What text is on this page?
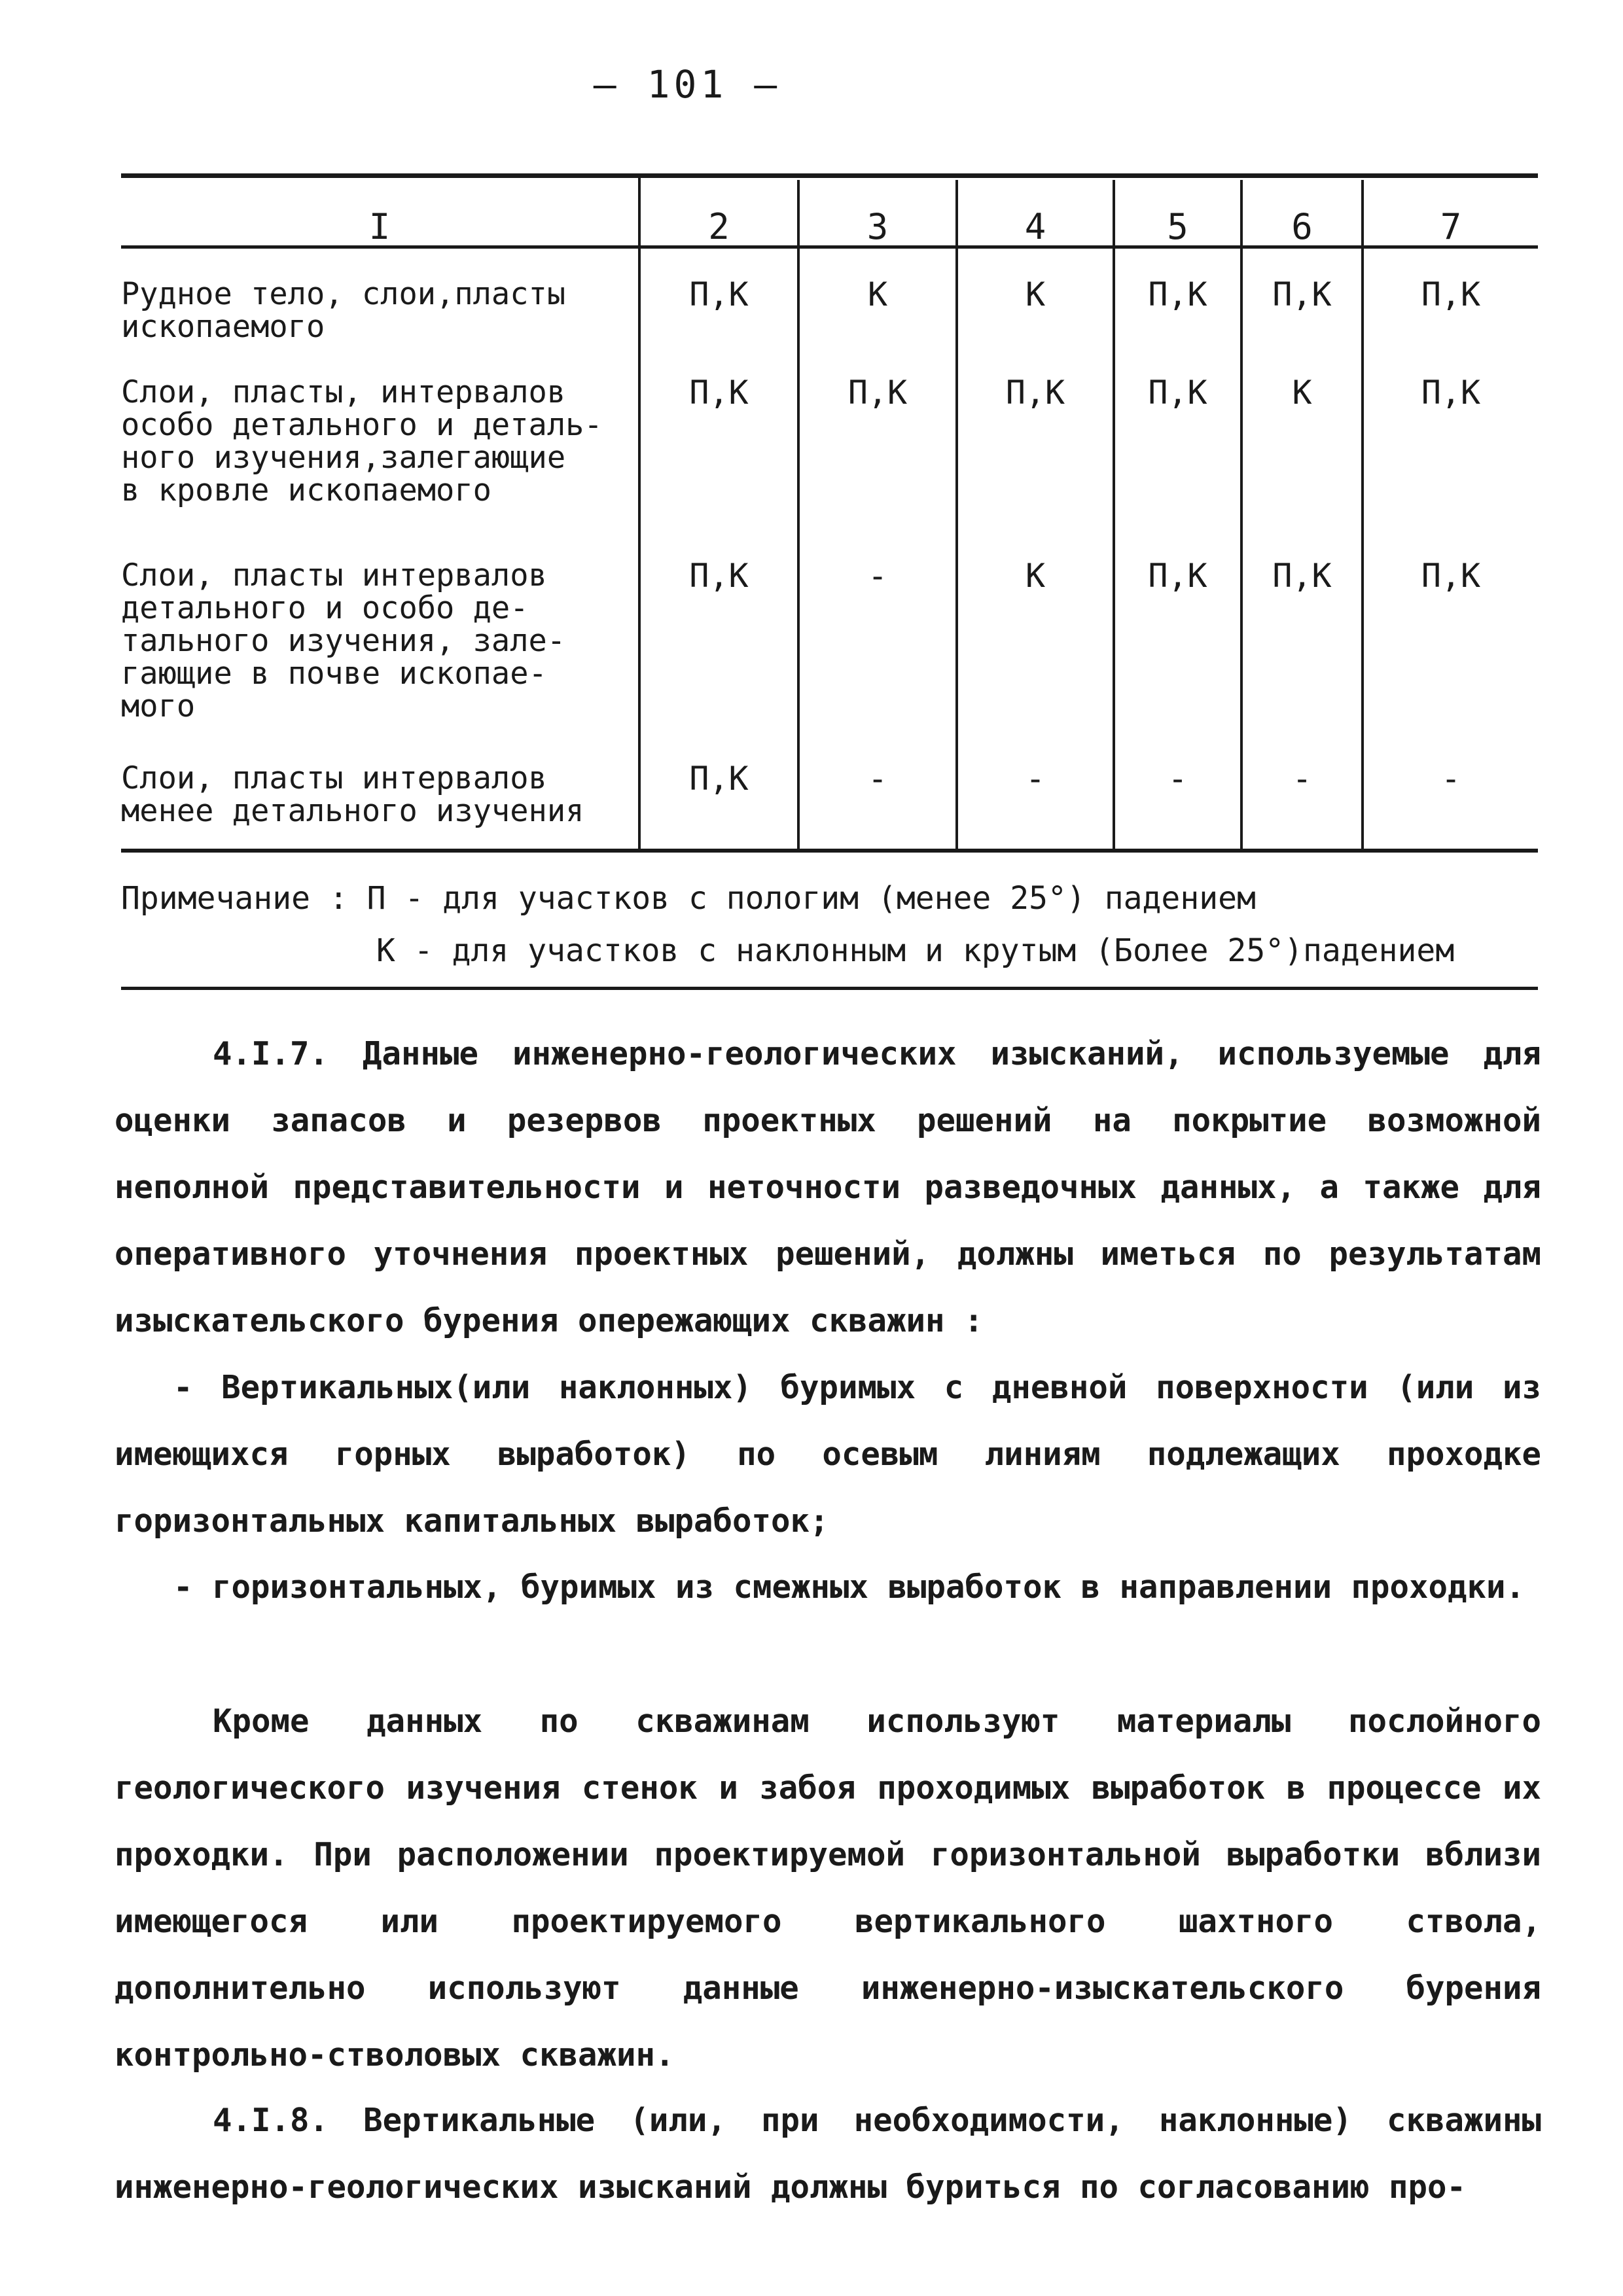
— 101 —
I	2	3	4	5	6	7
Рудное тело, слои,пласты
ископаемого
П,К	К	К	П,К	П,К	П,К
Слои, пласты, интервалов
особо детального и деталь-
ного изучения,залегающие
в кровле ископаемого
П,К	П,К	П,К	П,К	К	П,К
Слои, пласты интервалов
детального и особо де-
тального изучения, зале-
гающие в почве ископае-
мого
П,К	-	К	П,К	П,К	П,К
Слои, пласты интервалов
менее детального изучения
П,К	-	-	-	-	-
Примечание : П - для участков с пологим (менее 25°) падением
К - для участков с наклонным и крутым (Более 25°)падением
4.I.7. Данные инженерно-геологических изысканий, используемые для оценки запасов и резервов проектных решений на покрытие возможной неполной представительности и неточности разведочных данных, а также для оперативного уточнения проектных решений, должны иметься по результатам изыскательского бурения опережающих скважин :
- Вертикальных(или наклонных) буримых с дневной поверхности (или из имеющихся горных выработок) по осевым линиям подлежащих проходке горизонтальных капитальных выработок;
- горизонтальных, буримых из смежных выработок в направлении проходки.
Кроме данных по скважинам используют материалы послойного геологического изучения стенок и забоя проходимых выработок в процессе их проходки. При расположении проектируемой горизонтальной выработки вблизи имеющегося или проектируемого вертикального шахтного ствола, дополнительно используют данные инженерно-изыскательского бурения контрольно-стволовых скважин.
4.I.8. Вертикальные (или, при необходимости, наклонные) скважины инженерно-геологических изысканий должны буриться по согласованию про-
